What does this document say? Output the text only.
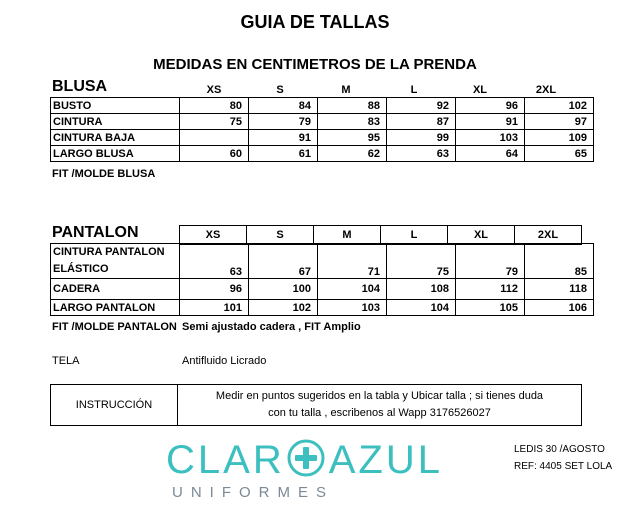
GUIA DE TALLAS
MEDIDAS EN CENTIMETROS DE LA PRENDA
BLUSA	XS	S	M	L	XL	2XL
BUSTO	80	84	88	92	96	102
CINTURA	75	79	83	87	91	97
CINTURA BAJA		91	95	99	103	109
LARGO BLUSA	60	61	62	63	64	65
FIT /MOLDE BLUSA
PANTALON	XS	S	M	L	XL	2XL
CINTURA PANTALON
ELÁSTICO	63	67	71	75	79	85
CADERA	96	100	104	108	112	118
LARGO PANTALON	101	102	103	104	105	106
FIT /MOLDE PANTALON Semi ajustado cadera , FIT Amplio
TELA	Antifluido Licrado
INSTRUCCIÓN
Medir en puntos sugeridos en la tabla y Ubicar talla ; si tienes duda
con tu talla , escribenos al Wapp 3176526027
CLAR AZUL
UNIFORMES
LEDIS 30 /AGOSTO
REF: 4405 SET LOLA
